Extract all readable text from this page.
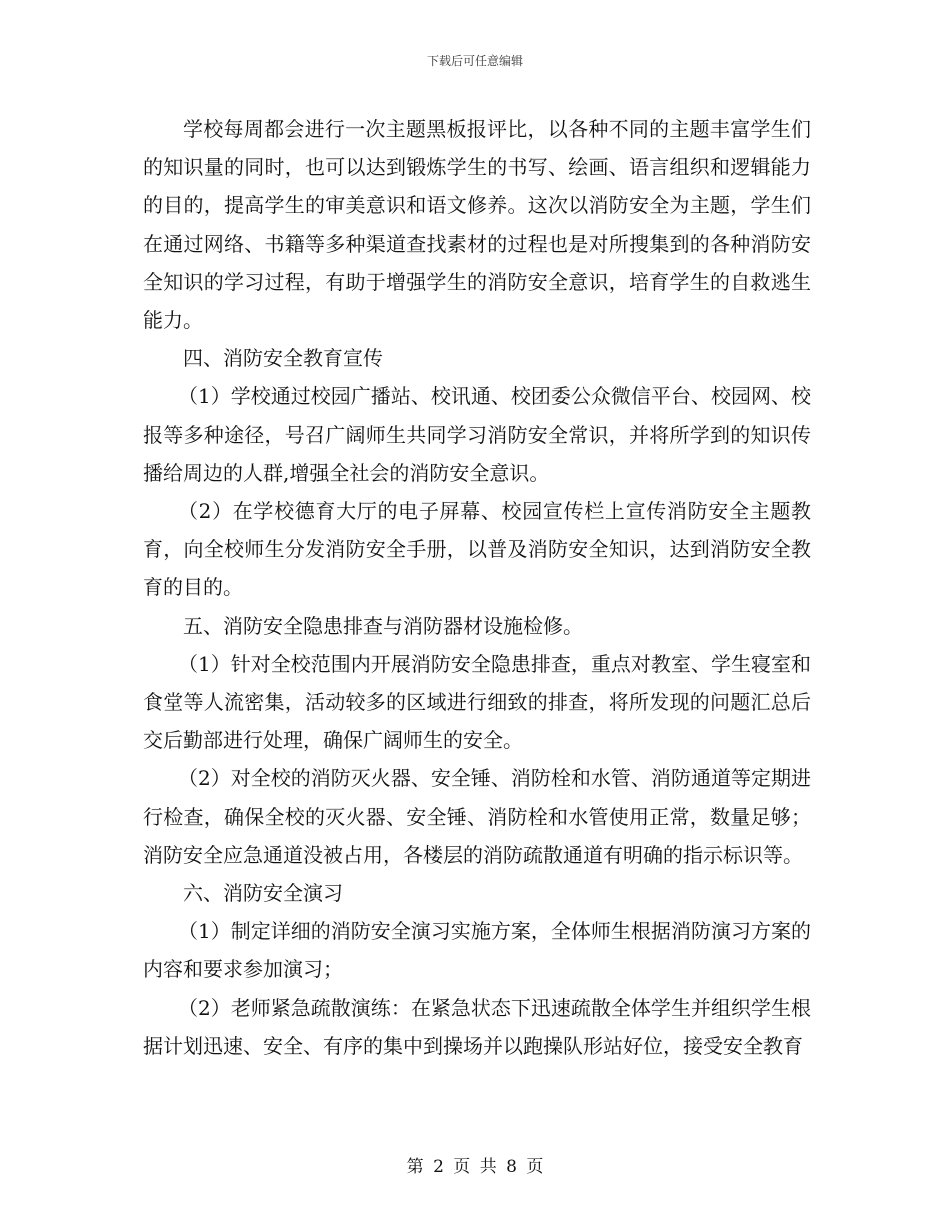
下载后可任意编辑

学校每周都会进行一次主题黑板报评比，以各种不同的主题丰富学生们的知识量的同时，也可以达到锻炼学生的书写、绘画、语言组织和逻辑能力的目的，提高学生的审美意识和语文修养。这次以消防安全为主题，学生们在通过网络、书籍等多种渠道查找素材的过程也是对所搜集到的各种消防安全知识的学习过程，有助于增强学生的消防安全意识，培育学生的自救逃生能力。

四、消防安全教育宣传

（1）学校通过校园广播站、校讯通、校团委公众微信平台、校园网、校报等多种途径，号召广阔师生共同学习消防安全常识，并将所学到的知识传播给周边的人群,增强全社会的消防安全意识。

（2）在学校德育大厅的电子屏幕、校园宣传栏上宣传消防安全主题教育，向全校师生分发消防安全手册，以普及消防安全知识，达到消防安全教育的目的。

五、消防安全隐患排查与消防器材设施检修。

（1）针对全校范围内开展消防安全隐患排查，重点对教室、学生寝室和食堂等人流密集，活动较多的区域进行细致的排查，将所发现的问题汇总后交后勤部进行处理，确保广阔师生的安全。

（2）对全校的消防灭火器、安全锤、消防栓和水管、消防通道等定期进行检查，确保全校的灭火器、安全锤、消防栓和水管使用正常，数量足够；消防安全应急通道没被占用，各楼层的消防疏散通道有明确的指示标识等。

六、消防安全演习

（1）制定详细的消防安全演习实施方案，全体师生根据消防演习方案的内容和要求参加演习；

（2）老师紧急疏散演练：在紧急状态下迅速疏散全体学生并组织学生根据计划迅速、安全、有序的集中到操场并以跑操队形站好位，接受安全教育

第 2 页 共 8 页
